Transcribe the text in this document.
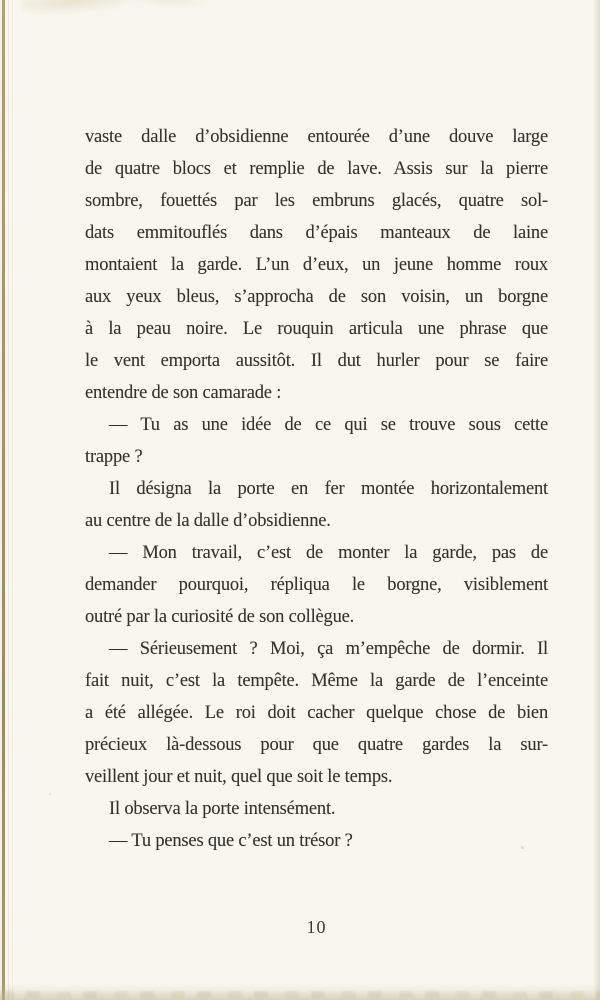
vaste dalle d’obsidienne entourée d’une douve large
de quatre blocs et remplie de lave. Assis sur la pierre
sombre, fouettés par les embruns glacés, quatre sol-
dats emmitouflés dans d’épais manteaux de laine
montaient la garde. L’un d’eux, un jeune homme roux
aux yeux bleus, s’approcha de son voisin, un borgne
à la peau noire. Le rouquin articula une phrase que
le vent emporta aussitôt. Il dut hurler pour se faire
entendre de son camarade :
— Tu as une idée de ce qui se trouve sous cette
trappe ?
Il désigna la porte en fer montée horizontalement
au centre de la dalle d’obsidienne.
— Mon travail, c’est de monter la garde, pas de
demander pourquoi, répliqua le borgne, visiblement
outré par la curiosité de son collègue.
— Sérieusement ? Moi, ça m’empêche de dormir. Il
fait nuit, c’est la tempête. Même la garde de l’enceinte
a été allégée. Le roi doit cacher quelque chose de bien
précieux là-dessous pour que quatre gardes la sur-
veillent jour et nuit, quel que soit le temps.
Il observa la porte intensément.
— Tu penses que c’est un trésor ?
10
